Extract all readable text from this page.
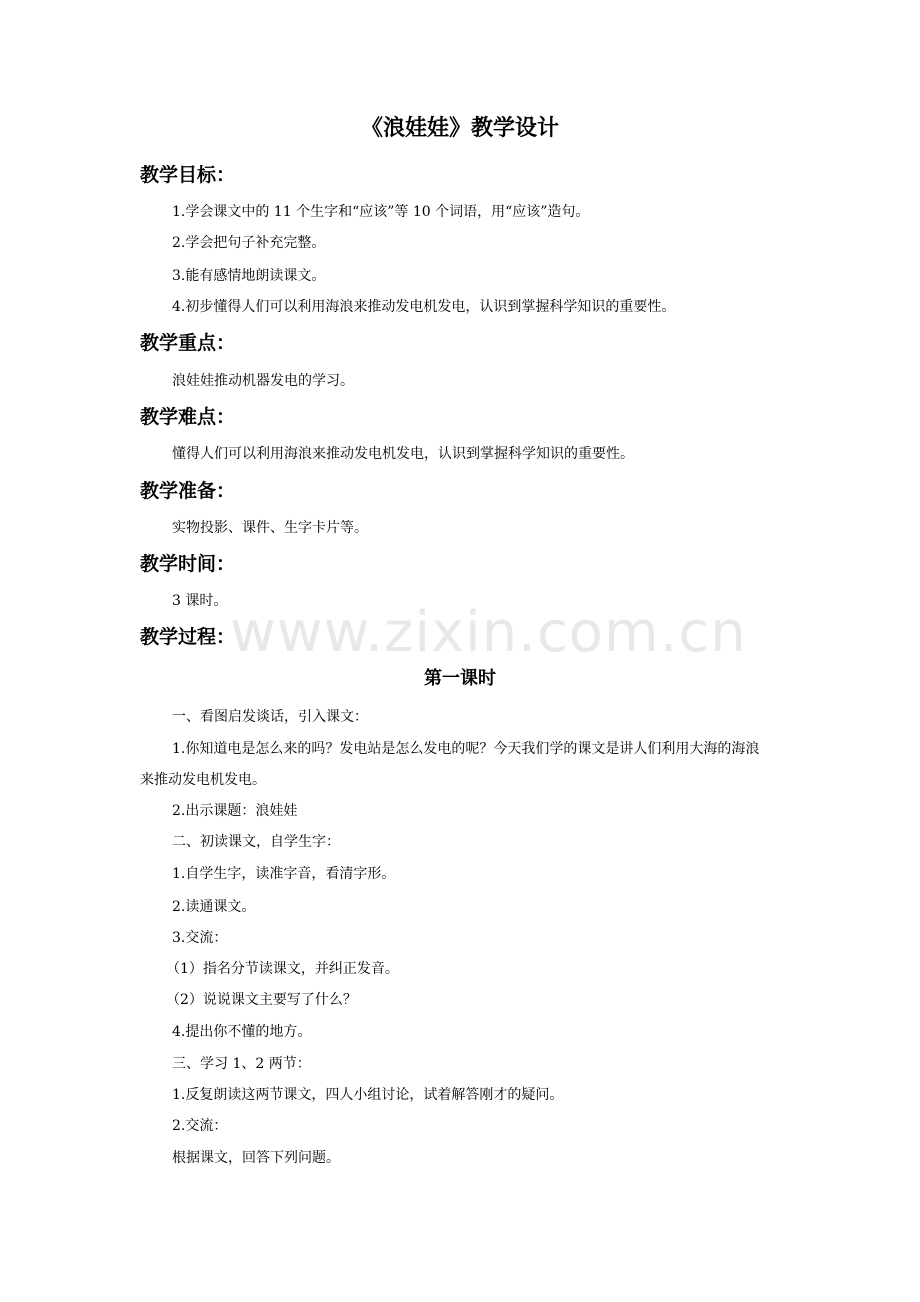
《浪娃娃》教学设计
教学目标：
1.学会课文中的 11 个生字和“应该”等 10 个词语，用“应该”造句。
2.学会把句子补充完整。
3.能有感情地朗读课文。
4.初步懂得人们可以利用海浪来推动发电机发电，认识到掌握科学知识的重要性。
教学重点：
浪娃娃推动机器发电的学习。
教学难点：
懂得人们可以利用海浪来推动发电机发电，认识到掌握科学知识的重要性。
教学准备：
实物投影、课件、生字卡片等。
教学时间：
3 课时。
教学过程：
www.zixin.com.cn
第一课时
一、看图启发谈话，引入课文：
1.你知道电是怎么来的吗？发电站是怎么发电的呢？今天我们学的课文是讲人们利用大海的海浪来推动发电机发电。
2.出示课题：浪娃娃
二、初读课文，自学生字：
1.自学生字，读准字音，看清字形。
2.读通课文。
3.交流：
（1）指名分节读课文，并纠正发音。
（2）说说课文主要写了什么？
4.提出你不懂的地方。
三、学习 1、2 两节：
1.反复朗读这两节课文，四人小组讨论，试着解答刚才的疑问。
2.交流：
根据课文，回答下列问题。
